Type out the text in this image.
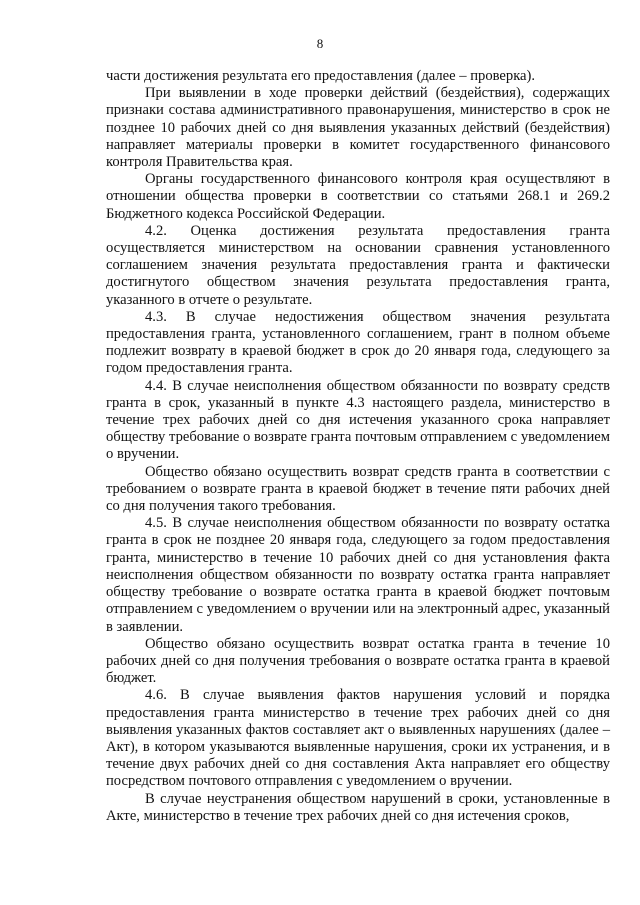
8

части достижения результата его предоставления (далее – проверка).

При выявлении в ходе проверки действий (бездействия), содержащих признаки состава административного правонарушения, министерство в срок не позднее 10 рабочих дней со дня выявления указанных действий (бездействия) направляет материалы проверки в комитет государственного финансового контроля Правительства края.

Органы государственного финансового контроля края осуществляют в отношении общества проверки в соответствии со статьями 268.1 и 269.2 Бюджетного кодекса Российской Федерации.

4.2. Оценка достижения результата предоставления гранта осуществляется министерством на основании сравнения установленного соглашением значения результата предоставления гранта и фактически достигнутого обществом значения результата предоставления гранта, указанного в отчете о результате.

4.3. В случае недостижения обществом значения результата предоставления гранта, установленного соглашением, грант в полном объеме подлежит возврату в краевой бюджет в срок до 20 января года, следующего за годом предоставления гранта.

4.4. В случае неисполнения обществом обязанности по возврату средств гранта в срок, указанный в пункте 4.3 настоящего раздела, министерство в течение трех рабочих дней со дня истечения указанного срока направляет обществу требование о возврате гранта почтовым отправлением с уведомлением о вручении.

Общество обязано осуществить возврат средств гранта в соответствии с требованием о возврате гранта в краевой бюджет в течение пяти рабочих дней со дня получения такого требования.

4.5. В случае неисполнения обществом обязанности по возврату остатка гранта в срок не позднее 20 января года, следующего за годом предоставления гранта, министерство в течение 10 рабочих дней со дня установления факта неисполнения обществом обязанности по возврату остатка гранта направляет обществу требование о возврате остатка гранта в краевой бюджет почтовым отправлением с уведомлением о вручении или на электронный адрес, указанный в заявлении.

Общество обязано осуществить возврат остатка гранта в течение 10 рабочих дней со дня получения требования о возврате остатка гранта в краевой бюджет.

4.6. В случае выявления фактов нарушения условий и порядка предоставления гранта министерство в течение трех рабочих дней со дня выявления указанных фактов составляет акт о выявленных нарушениях (далее – Акт), в котором указываются выявленные нарушения, сроки их устранения, и в течение двух рабочих дней со дня составления Акта направляет его обществу посредством почтового отправления с уведомлением о вручении.

В случае неустранения обществом нарушений в сроки, установленные в Акте, министерство в течение трех рабочих дней со дня истечения сроков,
